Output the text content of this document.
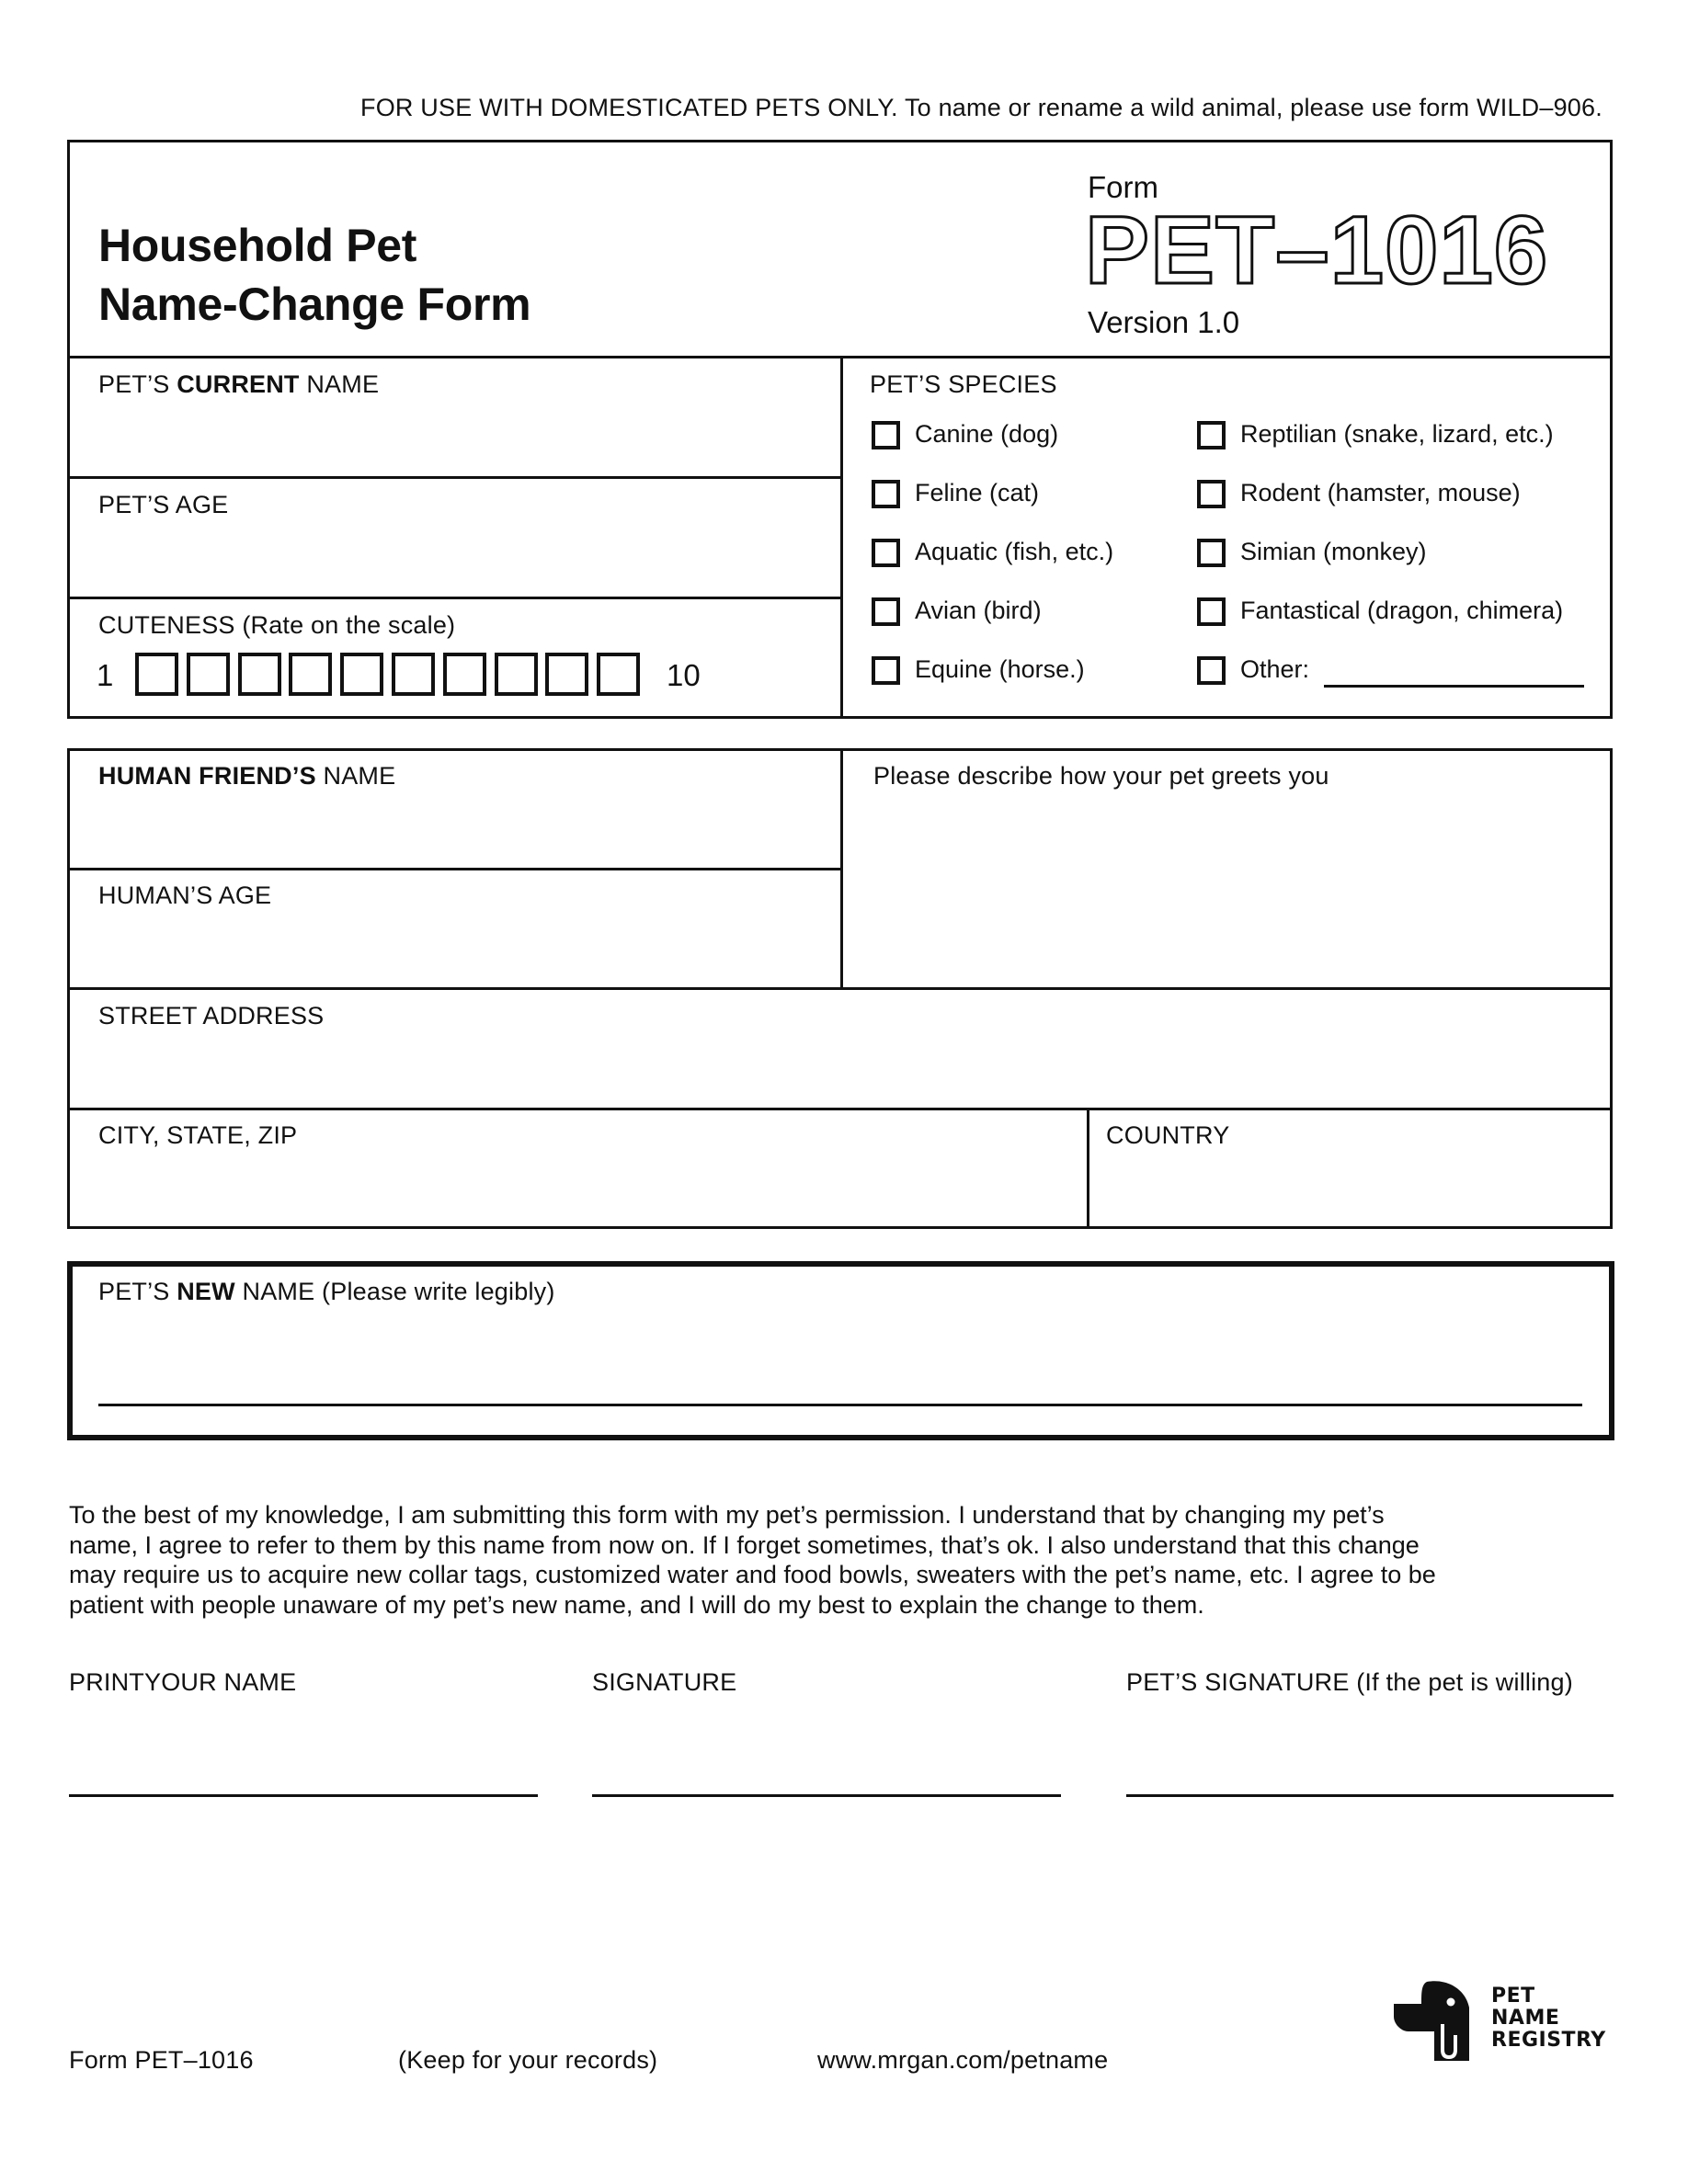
FOR USE WITH DOMESTICATED PETS ONLY. To name or rename a wild animal, please use form WILD–906.
Household Pet
Name-Change Form
Form
PET–1016
Version 1.0
PET’S CURRENT NAME
PET’S AGE
CUTENESS (Rate on the scale)
1	10
PET’S SPECIES
Canine (dog)
Feline (cat)
Aquatic (fish, etc.)
Avian (bird)
Equine (horse.)
Reptilian (snake, lizard, etc.)
Rodent (hamster, mouse)
Simian (monkey)
Fantastical (dragon, chimera)
Other:
HUMAN FRIEND’S NAME
HUMAN’S AGE
Please describe how your pet greets you
STREET ADDRESS
CITY, STATE, ZIP	COUNTRY
PET’S NEW NAME (Please write legibly)
To the best of my knowledge, I am submitting this form with my pet’s permission. I understand that by changing my pet’s
name, I agree to refer to them by this name from now on. If I forget sometimes, that’s ok. I also understand that this change
may require us to acquire new collar tags, customized water and food bowls, sweaters with the pet’s name, etc. I agree to be
patient with people unaware of my pet’s new name, and I will do my best to explain the change to them.
PRINTYOUR NAME	SIGNATURE	PET’S SIGNATURE (If the pet is willing)
Form PET–1016	(Keep for your records)	www.mrgan.com/petname
PET
NAME
REGISTRY
